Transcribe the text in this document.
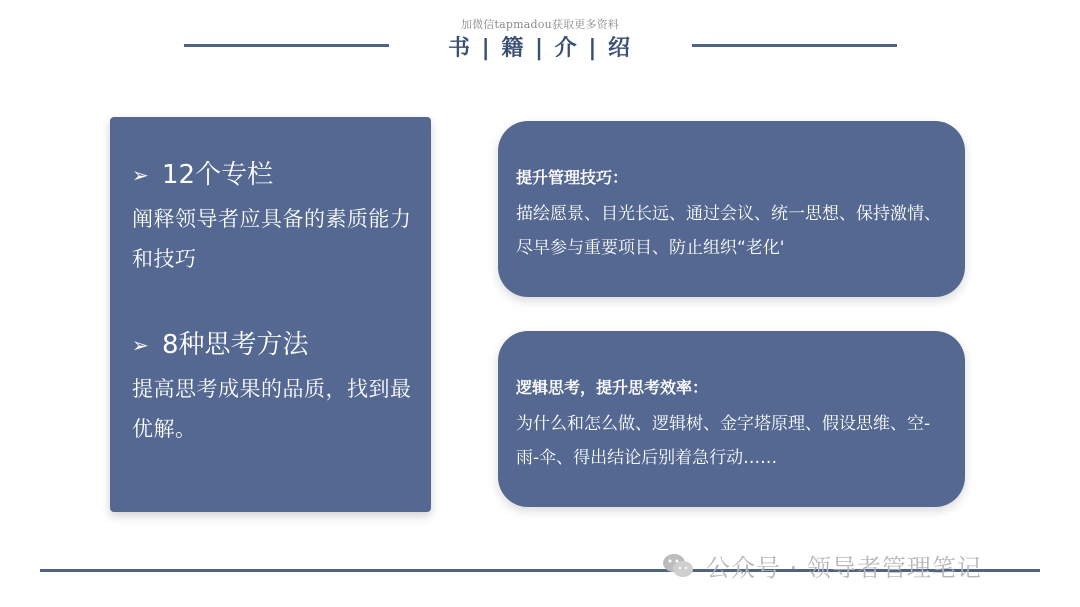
加微信tapmadou获取更多资料
书 | 籍 | 介 | 绍
➢ 12个专栏
阐释领导者应具备的素质能力和技巧
➢ 8种思考方法
提高思考成果的品质，找到最优解。
提升管理技巧：
描绘愿景、目光长远、通过会议、统一思想、保持激情、尽早参与重要项目、防止组织“老化'
逻辑思考，提升思考效率：
为什么和怎么做、逻辑树、金字塔原理、假设思维、空-雨-伞、得出结论后别着急行动……
公众号 · 领导者管理笔记
